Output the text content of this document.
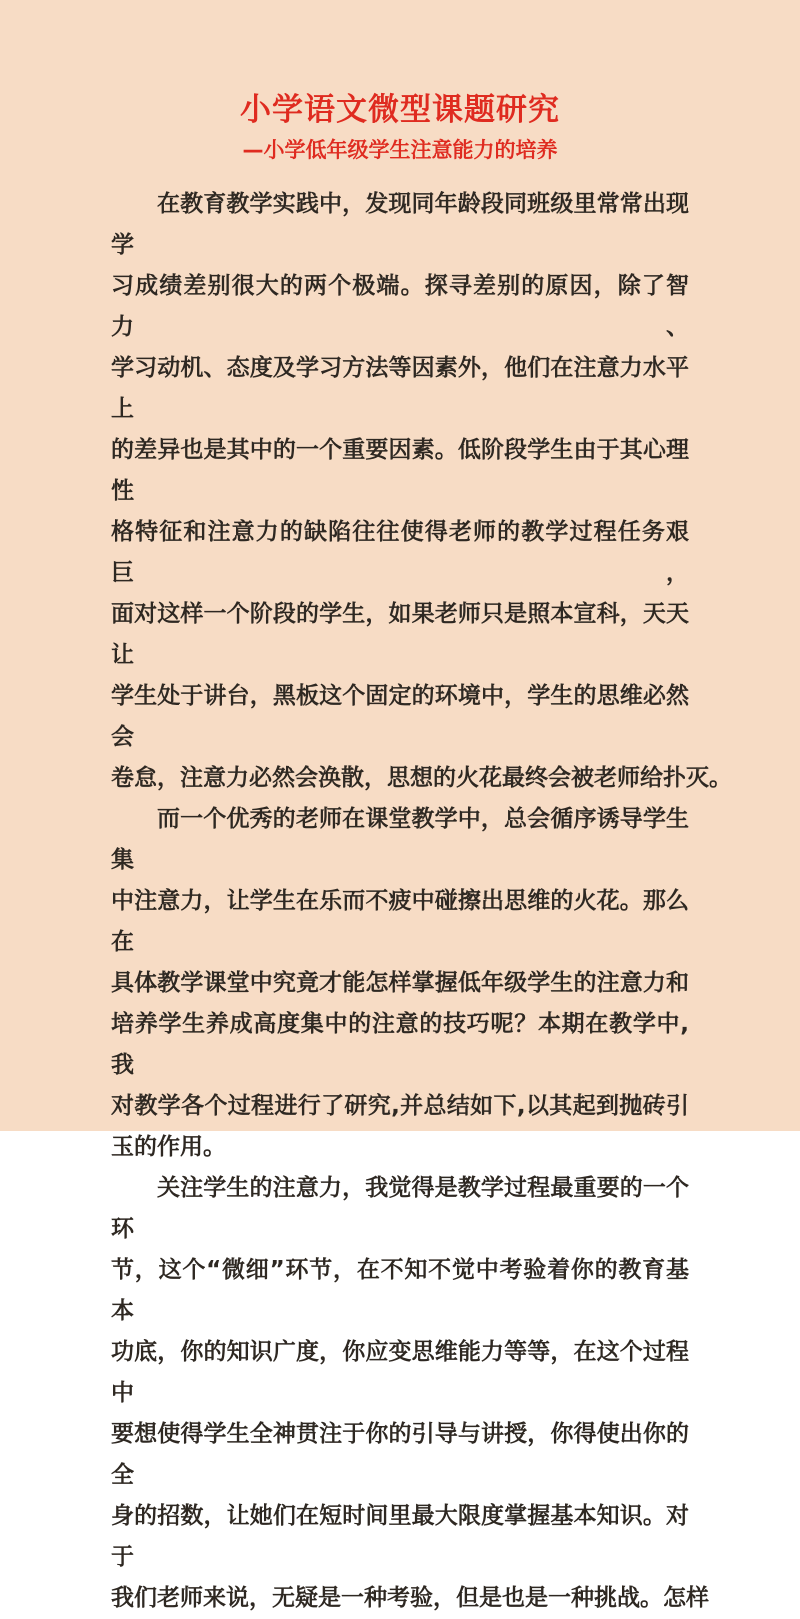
小学语文微型课题研究
—小学低年级学生注意能力的培养
在教育教学实践中，发现同年龄段同班级里常常出现学
习成绩差别很大的两个极端。探寻差别的原因，除了智力、
学习动机、态度及学习方法等因素外，他们在注意力水平上
的差异也是其中的一个重要因素。低阶段学生由于其心理性
格特征和注意力的缺陷往往使得老师的教学过程任务艰巨，
面对这样一个阶段的学生，如果老师只是照本宣科，天天让
学生处于讲台，黑板这个固定的环境中，学生的思维必然会
卷怠，注意力必然会涣散，思想的火花最终会被老师给扑灭。
而一个优秀的老师在课堂教学中，总会循序诱导学生集
中注意力，让学生在乐而不疲中碰擦出思维的火花。那么在
具体教学课堂中究竟才能怎样掌握低年级学生的注意力和
培养学生养成高度集中的注意的技巧呢？本期在教学中,我
对教学各个过程进行了研究,并总结如下,以其起到抛砖引
玉的作用。
关注学生的注意力，我觉得是教学过程最重要的一个环
节，这个“微细”环节，在不知不觉中考验着你的教育基本
功底，你的知识广度，你应变思维能力等等，在这个过程中
要想使得学生全神贯注于你的引导与讲授，你得使出你的全
身的招数，让她们在短时间里最大限度掌握基本知识。对于
我们老师来说，无疑是一种考验，但是也是一种挑战。怎样
